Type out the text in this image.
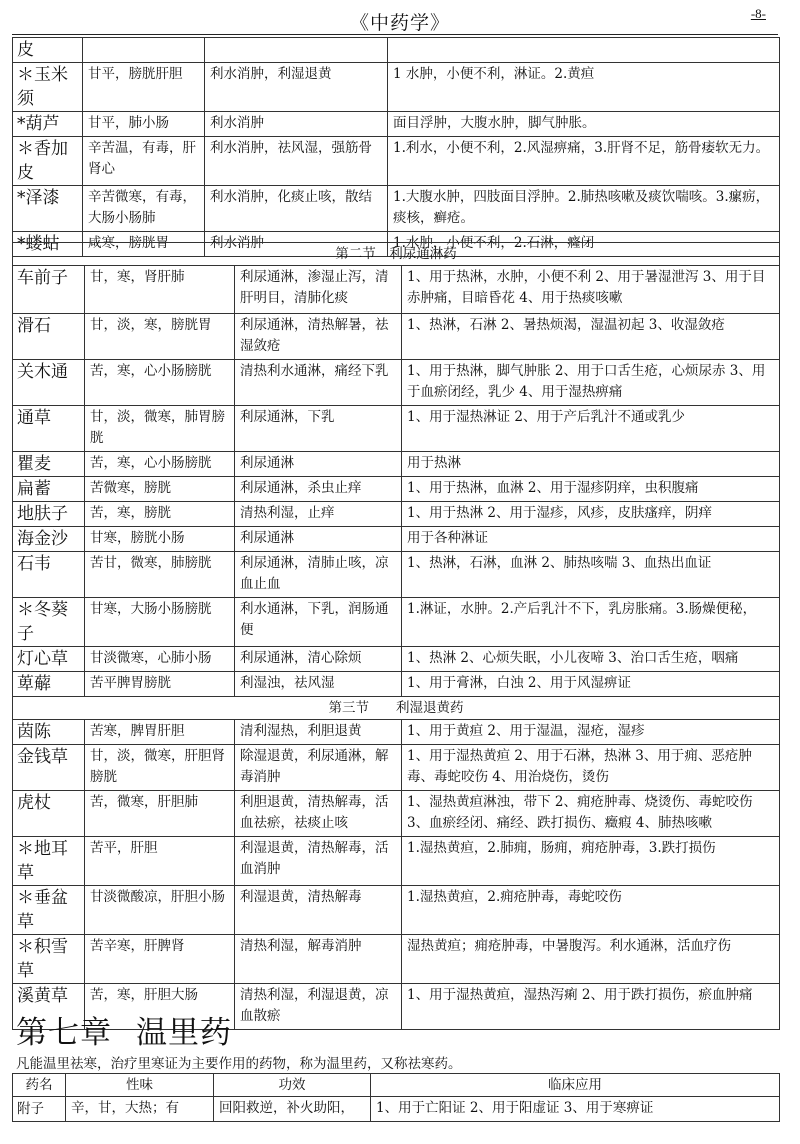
《中药学》	-8-
皮			
＊玉米须	甘平，膀胱肝胆	利水消肿，利湿退黄	1 水肿，小便不利，淋证。2.黄疸
*葫芦	甘平，肺小肠	利水消肿	面目浮肿，大腹水肿，脚气肿胀。
＊香加皮	辛苦温，有毒，肝肾心	利水消肿，祛风湿，强筋骨	1.利水，小便不利，2.风湿痹痛，3.肝肾不足，筋骨痿软无力。
*泽漆	辛苦微寒，有毒，大肠小肠肺	利水消肿，化痰止咳，散结	1.大腹水肿，四肢面目浮肿。2.肺热咳嗽及痰饮喘咳。3.瘰疬，痰核，癣疮。
*蝼蛄	咸寒，膀胱胃	利水消肿	1.水肿，小便不利，2.石淋，癃闭
第二节　利尿通淋药			
车前子	甘，寒，肾肝肺	利尿通淋，渗湿止泻，清肝明目，清肺化痰	1、用于热淋，水肿，小便不利 2、用于暑湿泄泻 3、用于目赤肿痛，目暗昏花 4、用于热痰咳嗽
滑石	甘，淡，寒，膀胱胃	利尿通淋，清热解暑，祛湿敛疮	1、热淋，石淋 2、暑热烦渴，湿温初起 3、收湿敛疮
关木通	苦，寒，心小肠膀胱	清热利水通淋，痛经下乳	1、用于热淋，脚气肿胀 2、用于口舌生疮，心烦尿赤 3、用于血瘀闭经，乳少 4、用于湿热痹痛
通草	甘，淡，微寒，肺胃膀胱	利尿通淋，下乳	1、用于湿热淋证 2、用于产后乳汁不通或乳少
瞿麦	苦，寒，心小肠膀胱	利尿通淋	用于热淋
扁蓄	苦微寒，膀胱	利尿通淋，杀虫止痒	1、用于热淋，血淋 2、用于湿疹阴痒，虫积腹痛
地肤子	苦，寒，膀胱	清热利湿，止痒	1、用于热淋 2、用于湿疹，风疹，皮肤瘙痒，阴痒
海金沙	甘寒，膀胱小肠	利尿通淋	用于各种淋证
石韦	苦甘，微寒，肺膀胱	利尿通淋，清肺止咳，凉血止血	1、热淋，石淋，血淋 2、肺热咳喘 3、血热出血证
＊冬葵子	甘寒，大肠小肠膀胱	利水通淋，下乳，润肠通便	1.淋证，水肿。2.产后乳汁不下，乳房胀痛。3.肠燥便秘，
灯心草	甘淡微寒，心肺小肠	利尿通淋，清心除烦	1、热淋 2、心烦失眠，小儿夜啼 3、治口舌生疮，咽痛
萆薢	苦平脾胃膀胱	利湿浊，祛风湿	1、用于膏淋，白浊 2、用于风湿痹证
第三节　　利湿退黄药			
茵陈	苦寒，脾胃肝胆	清利湿热，利胆退黄	1、用于黄疸 2、用于湿温，湿疮，湿疹
金钱草	甘，淡，微寒，肝胆肾膀胱	除湿退黄，利尿通淋，解毒消肿	1、用于湿热黄疸 2、用于石淋，热淋 3、用于痈、恶疮肿毒、毒蛇咬伤 4、用治烧伤，烫伤
虎杖	苦，微寒，肝胆肺	利胆退黄，清热解毒，活血祛瘀，祛痰止咳	1、湿热黄疸淋浊，带下 2、痈疮肿毒、烧烫伤、毒蛇咬伤 3、血瘀经闭、痛经、跌打损伤、癥瘕 4、肺热咳嗽
＊地耳草	苦平，肝胆	利湿退黄，清热解毒，活血消肿	1.湿热黄疸，2.肺痈，肠痈，痈疮肿毒，3.跌打损伤
＊垂盆草	甘淡微酸凉，肝胆小肠	利湿退黄，清热解毒	1.湿热黄疸，2.痈疮肿毒，毒蛇咬伤
＊积雪草	苦辛寒，肝脾肾	清热利湿，解毒消肿	湿热黄疸；痈疮肿毒，中暑腹泻。利水通淋，活血疗伤
溪黄草	苦，寒，肝胆大肠	清热利湿，利湿退黄，凉血散瘀	1、用于湿热黄疸，湿热泻痢 2、用于跌打损伤，瘀血肿痛
第七章 温里药
凡能温里祛寒，治疗里寒证为主要作用的药物，称为温里药，又称祛寒药。
药名	性味	功效	临床应用
附子	辛，甘，大热；有	回阳救逆，补火助阳，	1、用于亡阳证 2、用于阳虚证 3、用于寒痹证
